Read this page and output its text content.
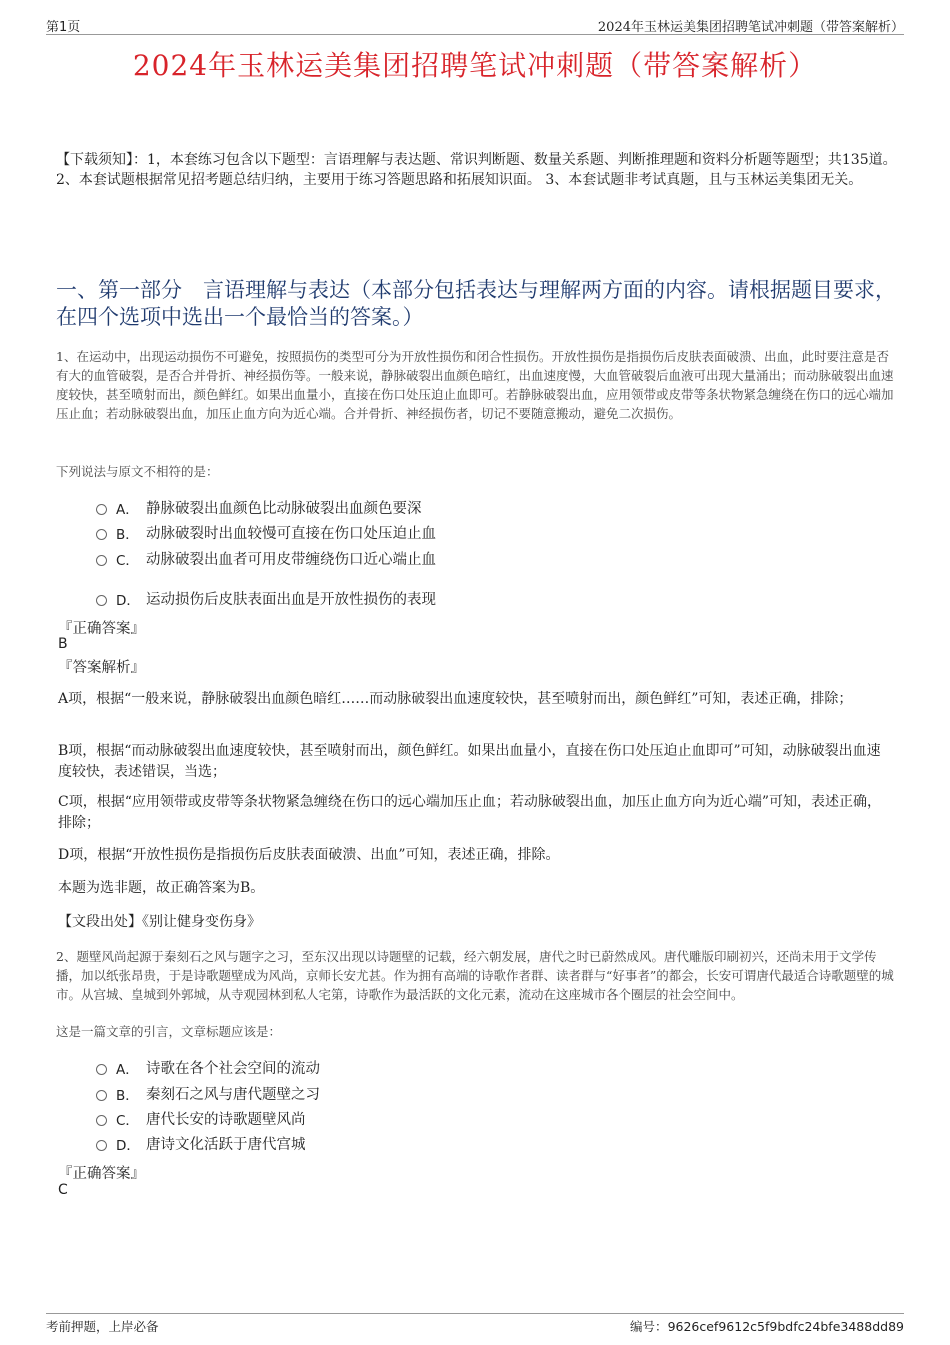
第1页	2024年玉林运美集团招聘笔试冲刺题（带答案解析）
2024年玉林运美集团招聘笔试冲刺题（带答案解析）
【下载须知】：1，本套练习包含以下题型：言语理解与表达题、常识判断题、数量关系题、判断推理题和资料分析题等题型；共135道。 2、本套试题根据常见招考题总结归纳，主要用于练习答题思路和拓展知识面。 3、本套试题非考试真题，且与玉林运美集团无关。
一、第一部分　言语理解与表达（本部分包括表达与理解两方面的内容。请根据题目要求，在四个选项中选出一个最恰当的答案。）
1、在运动中，出现运动损伤不可避免，按照损伤的类型可分为开放性损伤和闭合性损伤。开放性损伤是指损伤后皮肤表面破溃、出血，此时要注意是否有大的血管破裂，是否合并骨折、神经损伤等。一般来说，静脉破裂出血颜色暗红，出血速度慢，大血管破裂后血液可出现大量涌出；而动脉破裂出血速度较快，甚至喷射而出，颜色鲜红。如果出血量小，直接在伤口处压迫止血即可。若静脉破裂出血，应用领带或皮带等条状物紧急缠绕在伤口的远心端加压止血；若动脉破裂出血，加压止血方向为近心端。合并骨折、神经损伤者，切记不要随意搬动，避免二次损伤。
下列说法与原文不相符的是：
A． 静脉破裂出血颜色比动脉破裂出血颜色要深
B． 动脉破裂时出血较慢可直接在伤口处压迫止血
C． 动脉破裂出血者可用皮带缠绕伤口近心端止血
D． 运动损伤后皮肤表面出血是开放性损伤的表现
『正确答案』
B
『答案解析』
A项，根据“一般来说，静脉破裂出血颜色暗红……而动脉破裂出血速度较快，甚至喷射而出，颜色鲜红”可知，表述正确，排除；
B项，根据“而动脉破裂出血速度较快，甚至喷射而出，颜色鲜红。如果出血量小，直接在伤口处压迫止血即可”可知，动脉破裂出血速度较快，表述错误，当选；
C项，根据“应用领带或皮带等条状物紧急缠绕在伤口的远心端加压止血；若动脉破裂出血，加压止血方向为近心端”可知，表述正确，排除；
D项，根据“开放性损伤是指损伤后皮肤表面破溃、出血”可知，表述正确，排除。
本题为选非题，故正确答案为B。
【文段出处】《别让健身变伤身》
2、题壁风尚起源于秦刻石之风与题字之习，至东汉出现以诗题壁的记载，经六朝发展，唐代之时已蔚然成风。唐代雕版印刷初兴，还尚未用于文学传播，加以纸张昂贵，于是诗歌题壁成为风尚，京师长安尤甚。作为拥有高端的诗歌作者群、读者群与“好事者”的都会，长安可谓唐代最适合诗歌题壁的城市。从宫城、皇城到外郭城，从寺观园林到私人宅第，诗歌作为最活跃的文化元素，流动在这座城市各个圈层的社会空间中。
这是一篇文章的引言，文章标题应该是：
A． 诗歌在各个社会空间的流动
B． 秦刻石之风与唐代题壁之习
C． 唐代长安的诗歌题壁风尚
D． 唐诗文化活跃于唐代宫城
『正确答案』
C
考前押题，上岸必备	编号：9626cef9612c5f9bdfc24bfe3488dd89
